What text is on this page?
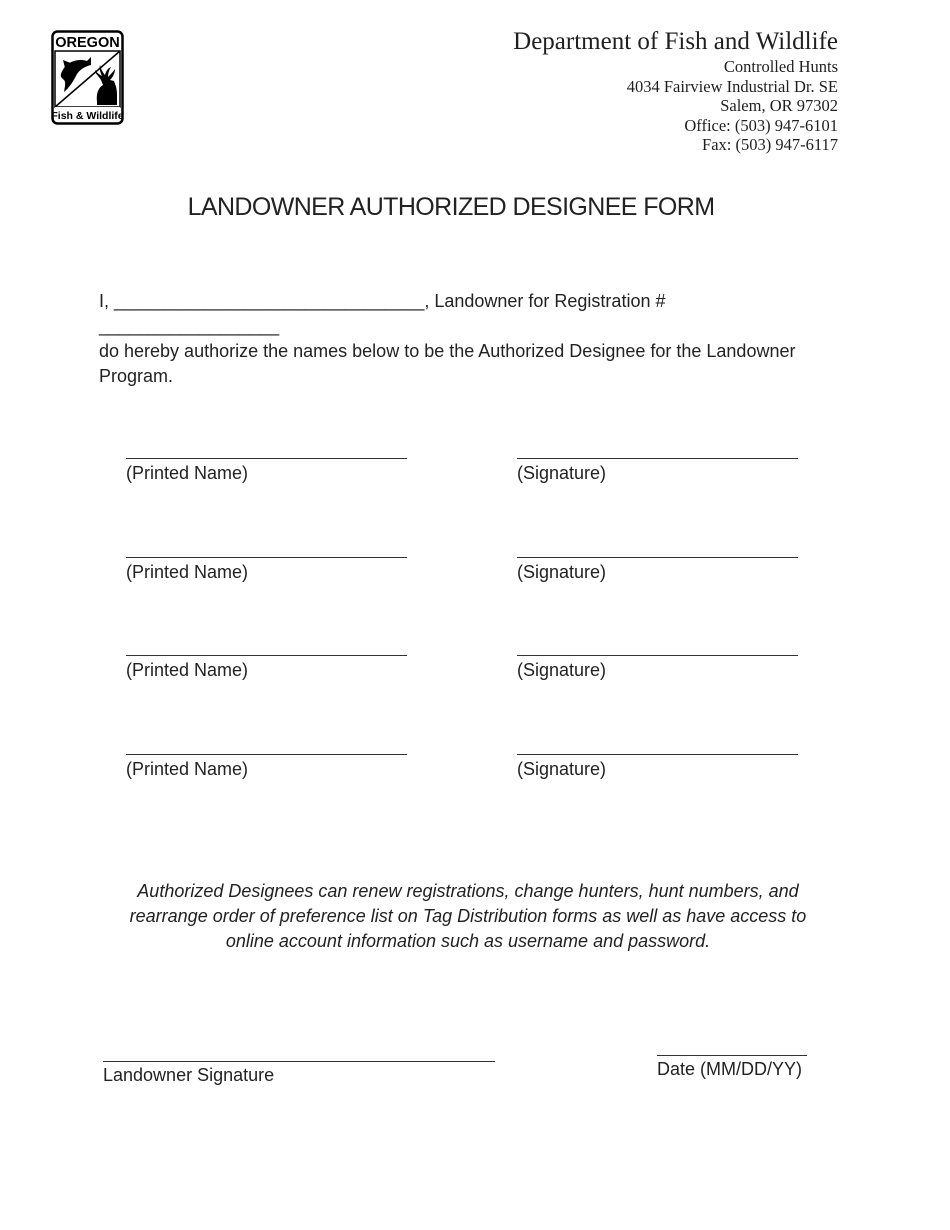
OREGON
Fish & Wildlife
Department of Fish and Wildlife
Controlled Hunts
4034 Fairview Industrial Dr. SE
Salem, OR 97302
Office: (503) 947-6101
Fax: (503) 947-6117
LANDOWNER AUTHORIZED DESIGNEE FORM
I, _______________________________, Landowner for Registration # __________________
do hereby authorize the names below to be the Authorized Designee for the Landowner
Program.
(Printed Name)	(Signature)
(Printed Name)	(Signature)
(Printed Name)	(Signature)
(Printed Name)	(Signature)
Authorized Designees can renew registrations, change hunters, hunt numbers, and
rearrange order of preference list on Tag Distribution forms as well as have access to
online account information such as username and password.
Landowner Signature	Date (MM/DD/YY)
